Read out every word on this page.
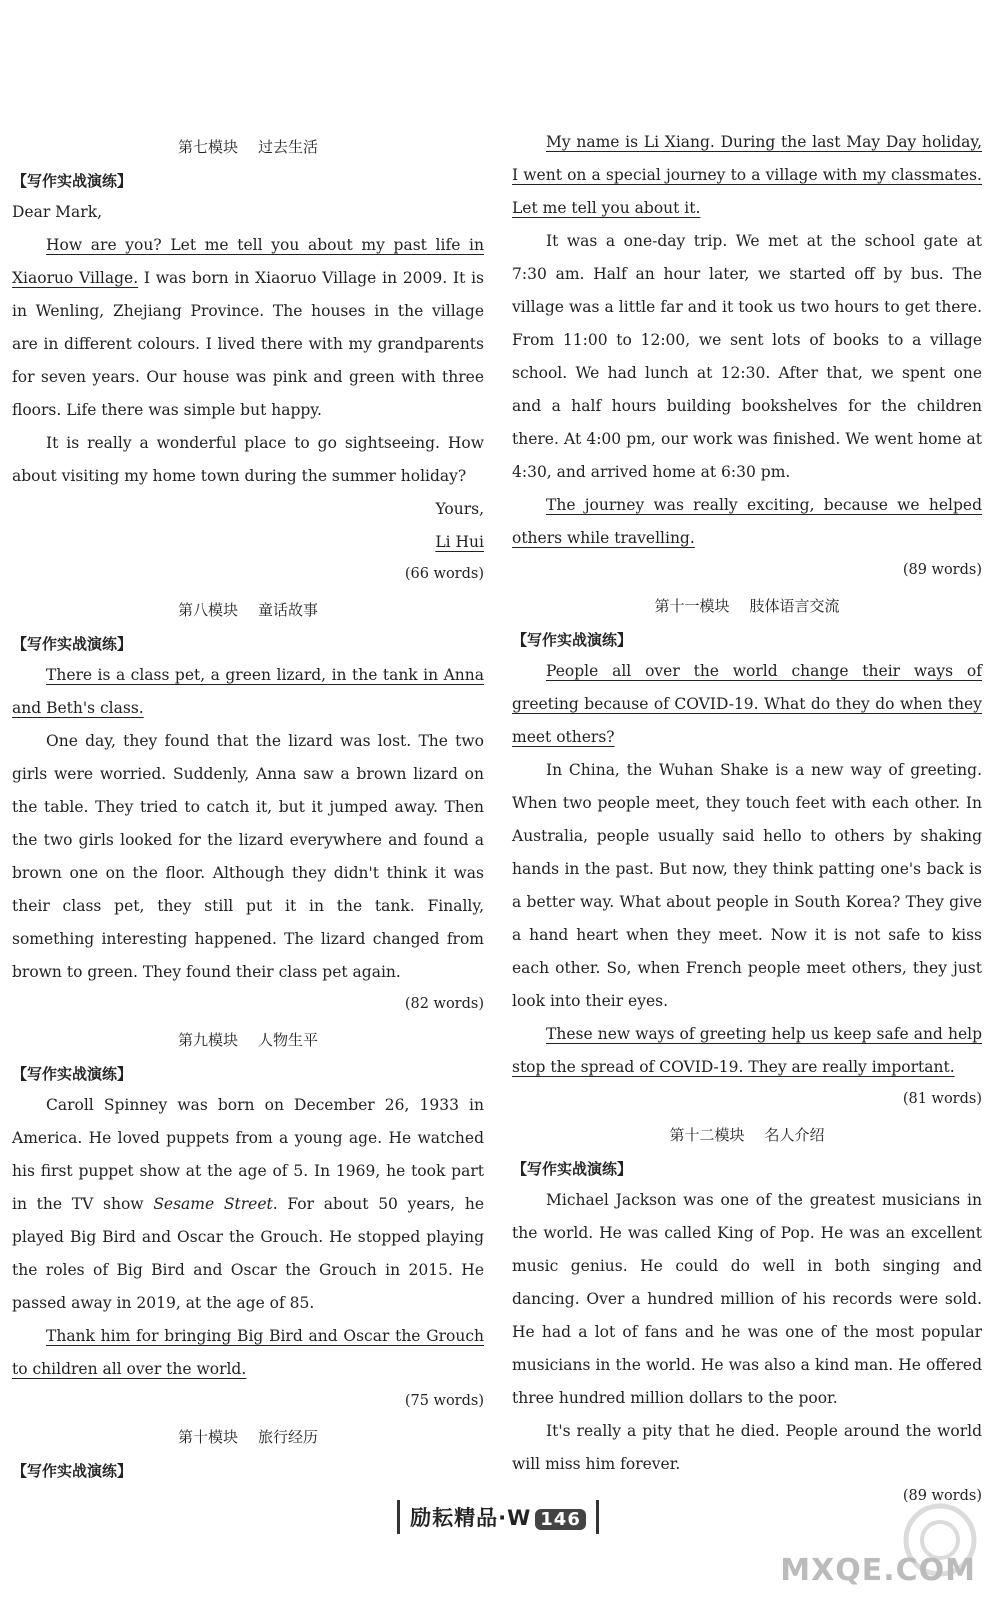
第七模块 过去生活

【写作实战演练】

Dear Mark,

How are you? Let me tell you about my past life in Xiaoruo Village. I was born in Xiaoruo Village in 2009. It is in Wenling, Zhejiang Province. The houses in the village are in different colours. I lived there with my grandparents for seven years. Our house was pink and green with three floors. Life there was simple but happy.

It is really a wonderful place to go sightseeing. How about visiting my home town during the summer holiday?

Yours,

Li Hui

(66 words)

第八模块 童话故事

【写作实战演练】

There is a class pet, a green lizard, in the tank in Anna and Beth's class.

One day, they found that the lizard was lost. The two girls were worried. Suddenly, Anna saw a brown lizard on the table. They tried to catch it, but it jumped away. Then the two girls looked for the lizard everywhere and found a brown one on the floor. Although they didn't think it was their class pet, they still put it in the tank. Finally, something interesting happened. The lizard changed from brown to green. They found their class pet again.

(82 words)

第九模块 人物生平

【写作实战演练】

Caroll Spinney was born on December 26, 1933 in America. He loved puppets from a young age. He watched his first puppet show at the age of 5. In 1969, he took part in the TV show Sesame Street. For about 50 years, he played Big Bird and Oscar the Grouch. He stopped playing the roles of Big Bird and Oscar the Grouch in 2015. He passed away in 2019, at the age of 85.

Thank him for bringing Big Bird and Oscar the Grouch to children all over the world.

(75 words)

第十模块 旅行经历

【写作实战演练】

My name is Li Xiang. During the last May Day holiday, I went on a special journey to a village with my classmates. Let me tell you about it.

It was a one-day trip. We met at the school gate at 7:30 am. Half an hour later, we started off by bus. The village was a little far and it took us two hours to get there. From 11:00 to 12:00, we sent lots of books to a village school. We had lunch at 12:30. After that, we spent one and a half hours building bookshelves for the children there. At 4:00 pm, our work was finished. We went home at 4:30, and arrived home at 6:30 pm.

The journey was really exciting, because we helped others while travelling.

(89 words)

第十一模块 肢体语言交流

【写作实战演练】

People all over the world change their ways of greeting because of COVID-19. What do they do when they meet others?

In China, the Wuhan Shake is a new way of greeting. When two people meet, they touch feet with each other. In Australia, people usually said hello to others by shaking hands in the past. But now, they think patting one's back is a better way. What about people in South Korea? They give a hand heart when they meet. Now it is not safe to kiss each other. So, when French people meet others, they just look into their eyes.

These new ways of greeting help us keep safe and help stop the spread of COVID-19. They are really important.

(81 words)

第十二模块 名人介绍

【写作实战演练】

Michael Jackson was one of the greatest musicians in the world. He was called King of Pop. He was an excellent music genius. He could do well in both singing and dancing. Over a hundred million of his records were sold. He had a lot of fans and he was one of the most popular musicians in the world. He was also a kind man. He offered three hundred million dollars to the poor.

It's really a pity that he died. People around the world will miss him forever.

(89 words)

励耘精品·W 146
MXQE.COM
